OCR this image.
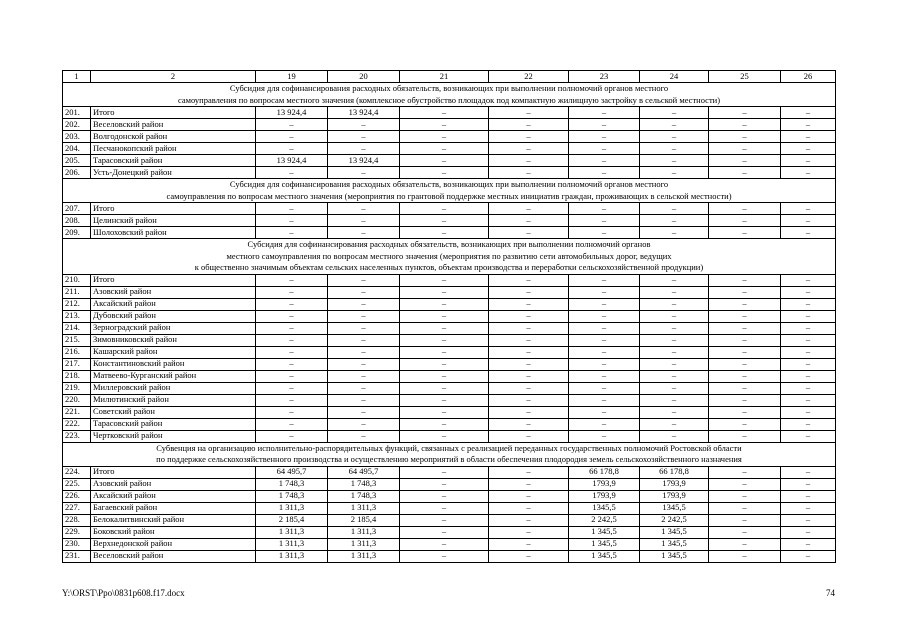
1	2	19	20	21	22	23	24	25	26

Субсидия для софинансирования расходных обязательств, возникающих при выполнении полномочий органов местного
самоуправления по вопросам местного значения (комплексное обустройство площадок под компактную жилищную застройку в сельской местности)									

201.	Итого	13 924,4	13 924,4	–	–	–	–	–	–
202.	Веселовский район	–	–	–	–	–	–	–	–
203.	Волгодонской район	–	–	–	–	–	–	–	–
204.	Песчанокопский район	–	–	–	–	–	–	–	–
205.	Тарасовский район	13 924,4	13 924,4	–	–	–	–	–	–
206.	Усть-Донецкий район	–	–	–	–	–	–	–	–

Субсидия для софинансирования расходных обязательств, возникающих при выполнении полномочий органов местного
самоуправления по вопросам местного значения (мероприятия по грантовой поддержке местных инициатив граждан, проживающих в сельской местности)									

207.	Итого	–	–	–	–	–	–	–	–
208.	Целинский район	–	–	–	–	–	–	–	–
209.	Шолоховский район	–	–	–	–	–	–	–	–

Субсидия для софинансирования расходных обязательств, возникающих при выполнении полномочий органов
местного самоуправления по вопросам местного значения (мероприятия по развитию сети автомобильных дорог, ведущих
к общественно значимым объектам сельских населенных пунктов, объектам производства и переработки сельскохозяйственной продукции)									

210.	Итого	–	–	–	–	–	–	–	–
211.	Азовский район	–	–	–	–	–	–	–	–
212.	Аксайский район	–	–	–	–	–	–	–	–
213.	Дубовский район	–	–	–	–	–	–	–	–
214.	Зерноградский район	–	–	–	–	–	–	–	–
215.	Зимовниковский район	–	–	–	–	–	–	–	–
216.	Кашарский район	–	–	–	–	–	–	–	–
217.	Константиновский район	–	–	–	–	–	–	–	–
218.	Матвеево-Курганский район	–	–	–	–	–	–	–	–
219.	Миллеровский район	–	–	–	–	–	–	–	–
220.	Милютинский район	–	–	–	–	–	–	–	–
221.	Советский район	–	–	–	–	–	–	–	–
222.	Тарасовский район	–	–	–	–	–	–	–	–
223.	Чертковский район	–	–	–	–	–	–	–	–

Субвенция на организацию исполнительно-распорядительных функций, связанных с реализацией переданных государственных полномочий Ростовской области
по поддержке сельскохозяйственного производства и осуществлению мероприятий в области обеспечения плодородия земель сельскохозяйственного назначения									

224.	Итого	64 495,7	64 495,7	–	–	66 178,8	66 178,8	–	–
225.	Азовский район	1 748,3	1 748,3	–	–	1793,9	1793,9	–	–
226.	Аксайский район	1 748,3	1 748,3	–	–	1793,9	1793,9	–	–
227.	Багаевский район	1 311,3	1 311,3	–	–	1345,5	1345,5	–	–
228.	Белокалитвинский район	2 185,4	2 185,4	–	–	2 242,5	2 242,5	–	–
229.	Боковский район	1 311,3	1 311,3	–	–	1 345,5	1 345,5	–	–
230.	Верхнедонской район	1 311,3	1 311,3	–	–	1 345,5	1 345,5	–	–
231.	Веселовский район	1 311,3	1 311,3	–	–	1 345,5	1 345,5	–	–
Y:\ORST\Ppo\0831p608.f17.docx	74
